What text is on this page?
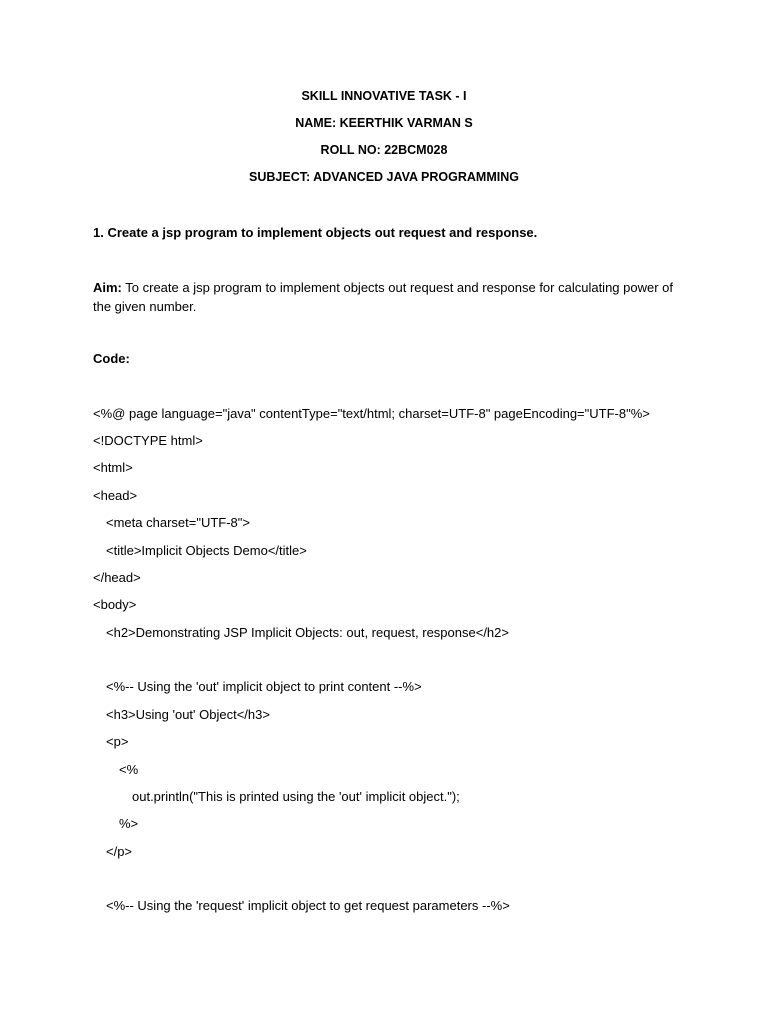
SKILL INNOVATIVE TASK - I
NAME: KEERTHIK VARMAN S
ROLL NO: 22BCM028
SUBJECT: ADVANCED JAVA PROGRAMMING
1. Create a jsp program to implement objects out request and response.
Aim: To create a jsp program to implement objects out request and response for calculating power of the given number.
Code:
<%@ page language="java" contentType="text/html; charset=UTF-8" pageEncoding="UTF-8"%>
<!DOCTYPE html>
<html>
<head>
<meta charset="UTF-8">
<title>Implicit Objects Demo</title>
</head>
<body>
<h2>Demonstrating JSP Implicit Objects: out, request, response</h2>
<%-- Using the 'out' implicit object to print content --%>
<h3>Using 'out' Object</h3>
<p>
<%
out.println("This is printed using the 'out' implicit object.");
%>
</p>
<%-- Using the 'request' implicit object to get request parameters --%>
